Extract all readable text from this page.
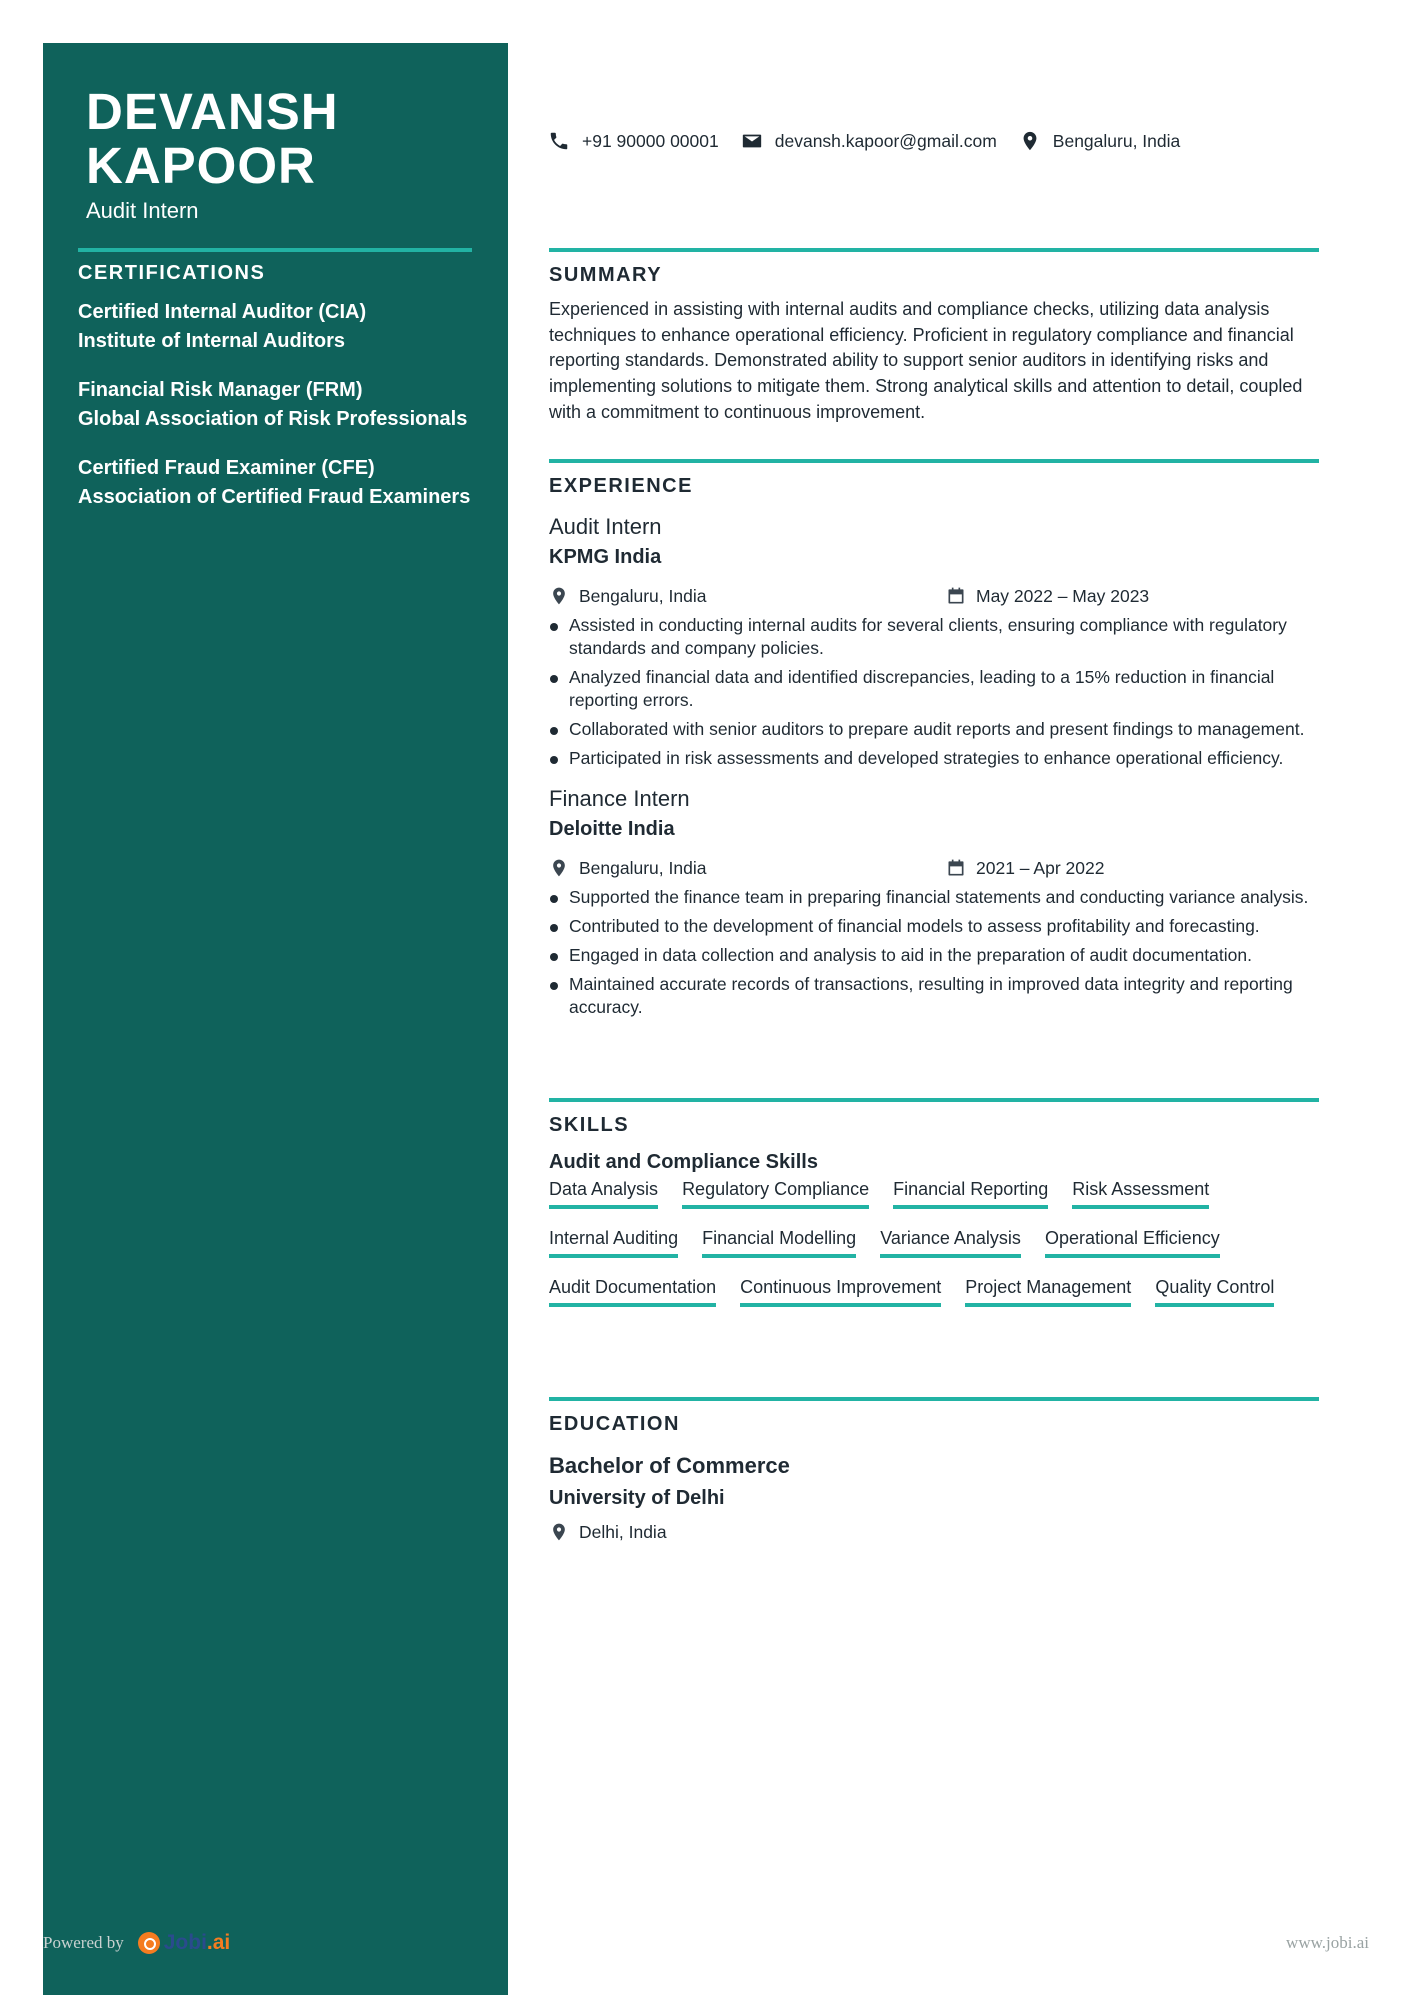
DEVANSH
KAPOOR
Audit Intern
CERTIFICATIONS
Certified Internal Auditor (CIA)
Institute of Internal Auditors
Financial Risk Manager (FRM)
Global Association of Risk Professionals
Certified Fraud Examiner (CFE)
Association of Certified Fraud Examiners
+91 90000 00001	devansh.kapoor@gmail.com	Bengaluru, India
SUMMARY
Experienced in assisting with internal audits and compliance checks, utilizing data analysis techniques to enhance operational efficiency. Proficient in regulatory compliance and financial reporting standards. Demonstrated ability to support senior auditors in identifying risks and implementing solutions to mitigate them. Strong analytical skills and attention to detail, coupled with a commitment to continuous improvement.
EXPERIENCE
Audit Intern
KPMG India
Bengaluru, India	May 2022 – May 2023
Assisted in conducting internal audits for several clients, ensuring compliance with regulatory standards and company policies.
Analyzed financial data and identified discrepancies, leading to a 15% reduction in financial reporting errors.
Collaborated with senior auditors to prepare audit reports and present findings to management.
Participated in risk assessments and developed strategies to enhance operational efficiency.
Finance Intern
Deloitte India
Bengaluru, India	2021 – Apr 2022
Supported the finance team in preparing financial statements and conducting variance analysis.
Contributed to the development of financial models to assess profitability and forecasting.
Engaged in data collection and analysis to aid in the preparation of audit documentation.
Maintained accurate records of transactions, resulting in improved data integrity and reporting accuracy.
SKILLS
Audit and Compliance Skills
Data Analysis Regulatory Compliance Financial Reporting Risk Assessment
Internal Auditing Financial Modelling Variance Analysis Operational Efficiency
Audit Documentation Continuous Improvement Project Management Quality Control
EDUCATION
Bachelor of Commerce
University of Delhi
Delhi, India
Powered by Jobi.ai	www.jobi.ai
